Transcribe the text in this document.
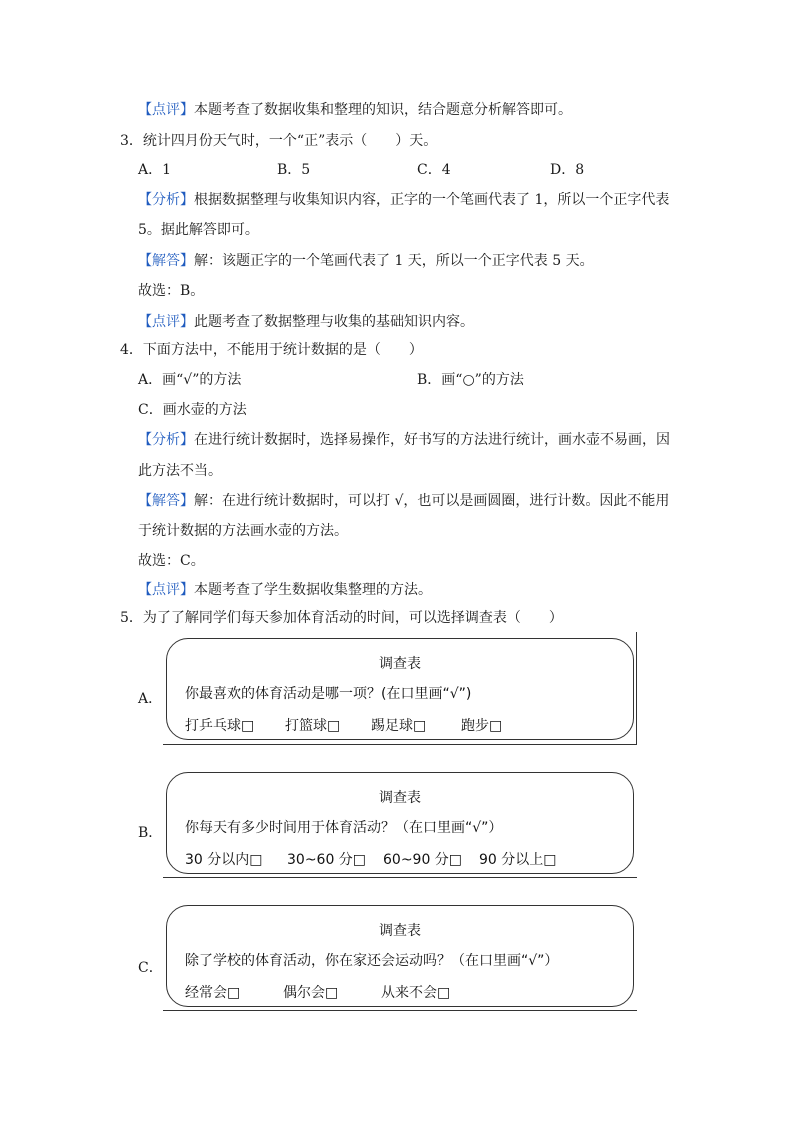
【点评】本题考查了数据收集和整理的知识，结合题意分析解答即可。
3．统计四月份天气时，一个“正”表示（　　）天。
A．1	B．5	C．4	D．8
【分析】根据数据整理与收集知识内容，正字的一个笔画代表了 1，所以一个正字代表
5。据此解答即可。
【解答】解：该题正字的一个笔画代表了 1 天，所以一个正字代表 5 天。
故选：B。
【点评】此题考查了数据整理与收集的基础知识内容。
4．下面方法中，不能用于统计数据的是（　　）
A．画“√”的方法	B．画“○”的方法
C．画水壶的方法
【分析】在进行统计数据时，选择易操作，好书写的方法进行统计，画水壶不易画，因
此方法不当。
【解答】解：在进行统计数据时，可以打 √，也可以是画圆圈，进行计数。因此不能用
于统计数据的方法画水壶的方法。
故选：C。
【点评】本题考查了学生数据收集整理的方法。
5．为了了解同学们每天参加体育活动的时间，可以选择调查表（　　）
A．
调查表
你最喜欢的体育活动是哪一项？(在口里画“√”)
打乒乓球□ 打篮球□ 踢足球□ 跑步□
B．
调查表
你每天有多少时间用于体育活动？（在口里画“√”）
30 分以内□ 30~60 分□ 60~90 分□ 90 分以上□
C．
调查表
除了学校的体育活动，你在家还会运动吗？（在口里画“√”）
经常会□	偶尔会□	从来不会□
